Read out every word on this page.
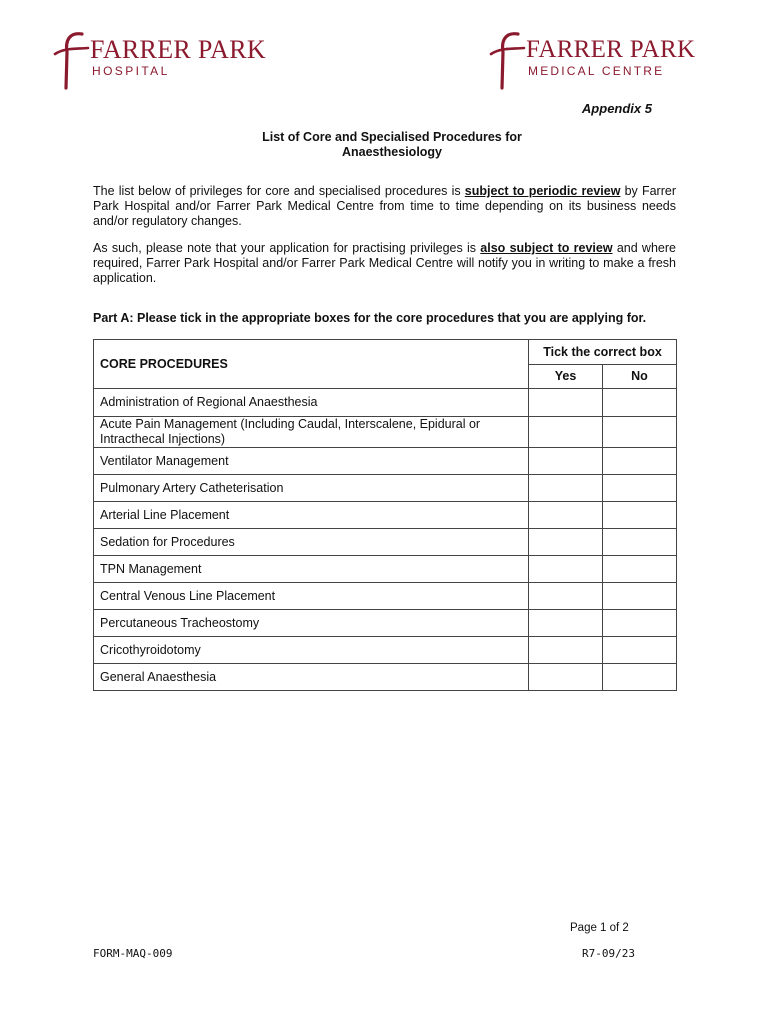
FARRER PARK
HOSPITAL
FARRER PARK
MEDICAL CENTRE
Appendix 5
List of Core and Specialised Procedures for
Anaesthesiology
The list below of privileges for core and specialised procedures is subject to periodic review by Farrer Park Hospital and/or Farrer Park Medical Centre from time to time depending on its business needs and/or regulatory changes.
As such, please note that your application for practising privileges is also subject to review and where required, Farrer Park Hospital and/or Farrer Park Medical Centre will notify you in writing to make a fresh application.
Part A: Please tick in the appropriate boxes for the core procedures that you are applying for.
CORE PROCEDURES	Tick the correct box	
	Yes	No
Administration of Regional Anaesthesia		
Acute Pain Management (Including Caudal, Interscalene, Epidural or Intracthecal Injections)		
Ventilator Management		
Pulmonary Artery Catheterisation		
Arterial Line Placement		
Sedation for Procedures		
TPN Management		
Central Venous Line Placement		
Percutaneous Tracheostomy		
Cricothyroidotomy		
General Anaesthesia		
Page 1 of 2
FORM-MAQ-009	R7-09/23
